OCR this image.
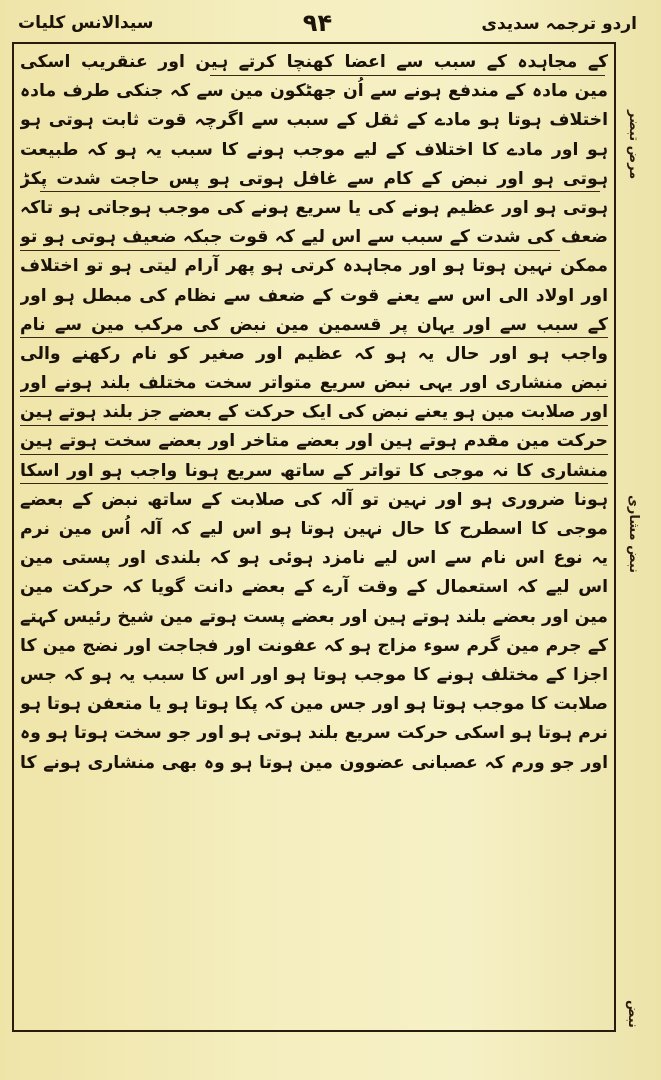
اردو ترجمہ سدیدی
۹۴
سیدالانس کلیات
مرض تبضر
نبض مشاری
نبض
کے مجاہدہ کے سبب سے اعضا کھنچا کرتے ہین اور عنقریب اسکی
مین مادہ کے مندفع ہونے سے اُن جھٹکون مین سے کہ جنکی طرف مادہ
اختلاف ہوتا ہو مادے کے ثقل کے سبب سے اگرچہ قوت ثابت ہوتی ہو
ہو اور مادے کا اختلاف کے لیے موجب ہونے کا سبب یہ ہو کہ طبیعت
ہوتی ہو اور نبض کے کام سے غافل ہوتی ہو پس حاجت شدت پکڑ
ہوتی ہو اور عظیم ہونے کی یا سریع ہونے کی موجب ہوجاتی ہو تاکہ
ضعف کی شدت کے سبب سے اس لیے کہ قوت جبکہ ضعیف ہوتی ہو تو
ممکن نہین ہوتا ہو اور مجاہدہ کرتی ہو پھر آرام لیتی ہو تو اختلاف
اور اولاد الی اس سے یعنے قوت کے ضعف سے نظام کی مبطل ہو اور
کے سبب سے اور یہان پر قسمین مین نبض کی مرکب مین سے نام
واجب ہو اور حال یہ ہو کہ عظیم اور صغیر کو نام رکھنے والی
نبض منشاری اور یہی نبض سریع متواتر سخت مختلف بلند ہونے اور
اور صلابت مین ہو یعنے نبض کی ایک حرکت کے بعضے جز بلند ہوتے ہین
حرکت مین مقدم ہوتے ہین اور بعضے متاخر اور بعضے سخت ہوتے ہین
منشاری کا نہ موجی کا تواتر کے ساتھ سریع ہونا واجب ہو اور اسکا
ہونا ضروری ہو اور نہین تو آلہ کی صلابت کے ساتھ نبض کے بعضے
موجی کا اسطرح کا حال نہین ہوتا ہو اس لیے کہ آلہ اُس مین نرم
یہ نوع اس نام سے اس لیے نامزد ہوئی ہو کہ بلندی اور پستی مین
اس لیے کہ استعمال کے وقت آرے کے بعضے دانت گویا کہ حرکت مین
مین اور بعضے بلند ہوتے ہین اور بعضے پست ہوتے مین شیخ رئیس کہتے
کے جرم مین گرم سوء مزاج ہو کہ عفونت اور فجاجت اور نضج مین کا
اجزا کے مختلف ہونے کا موجب ہوتا ہو اور اس کا سبب یہ ہو کہ جس
صلابت کا موجب ہوتا ہو اور جس مین کہ پکا ہوتا ہو یا متعفن ہوتا ہو
نرم ہوتا ہو اسکی حرکت سریع بلند ہوتی ہو اور جو سخت ہوتا ہو وہ
اور جو ورم کہ عصبانی عضوون مین ہوتا ہو وہ بھی منشاری ہونے کا
